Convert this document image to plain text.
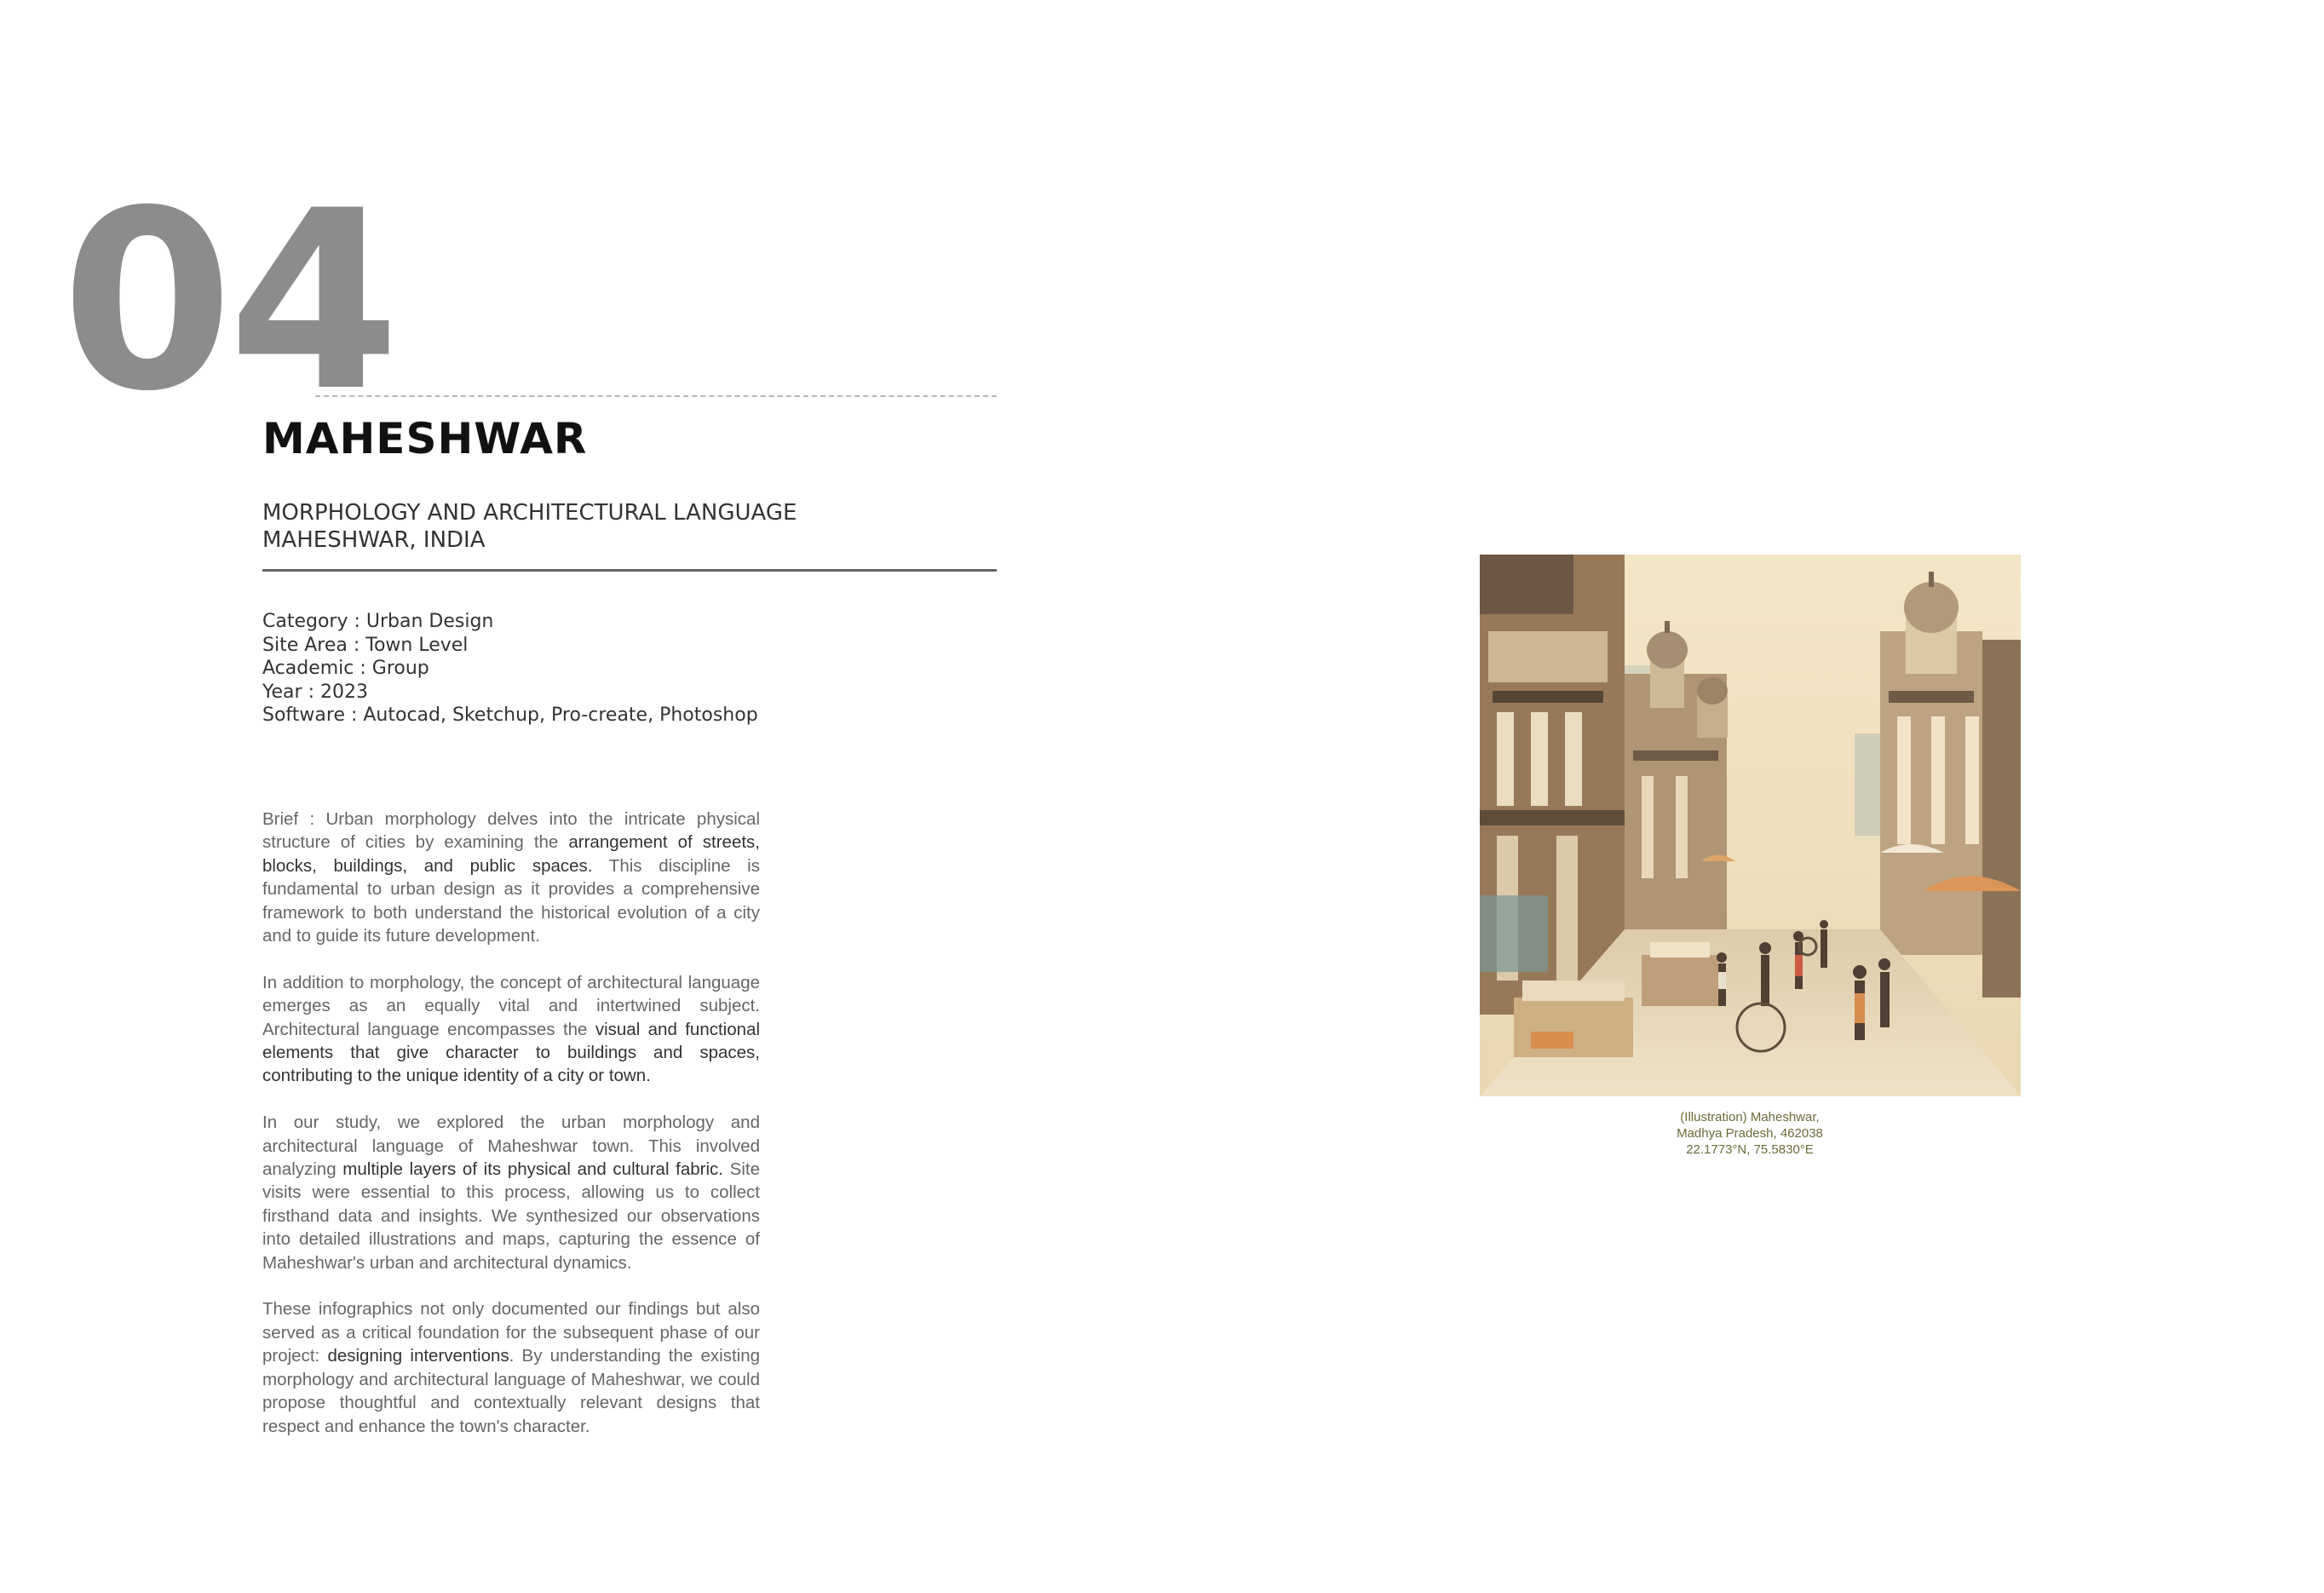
04
MAHESHWAR
MORPHOLOGY AND ARCHITECTURAL LANGUAGE
MAHESHWAR, INDIA
Category : Urban Design
Site Area : Town Level
Academic : Group
Year : 2023
Software : Autocad, Sketchup, Pro-create, Photoshop

Brief : Urban morphology delves into the intricate physical structure of cities by examining the arrangement of streets, blocks, buildings, and public spaces. This discipline is fundamental to urban design as it provides a comprehensive framework to both understand the historical evolution of a city and to guide its future development.

In addition to morphology, the concept of architectural language emerges as an equally vital and intertwined subject. Architectural language encompasses the visual and functional elements that give character to buildings and spaces, contributing to the unique identity of a city or town.

In our study, we explored the urban morphology and architectural language of Maheshwar town. This involved analyzing multiple layers of its physical and cultural fabric. Site visits were essential to this process, allowing us to collect firsthand data and insights. We synthesized our observations into detailed illustrations and maps, capturing the essence of Maheshwar's urban and architectural dynamics.

These infographics not only documented our findings but also served as a critical foundation for the subsequent phase of our project: designing interventions. By understanding the existing morphology and architectural language of Maheshwar, we could propose thoughtful and contextually relevant designs that respect and enhance the town's character.

(Illustration) Maheshwar,
Madhya Pradesh, 462038
22.1773°N, 75.5830°E
